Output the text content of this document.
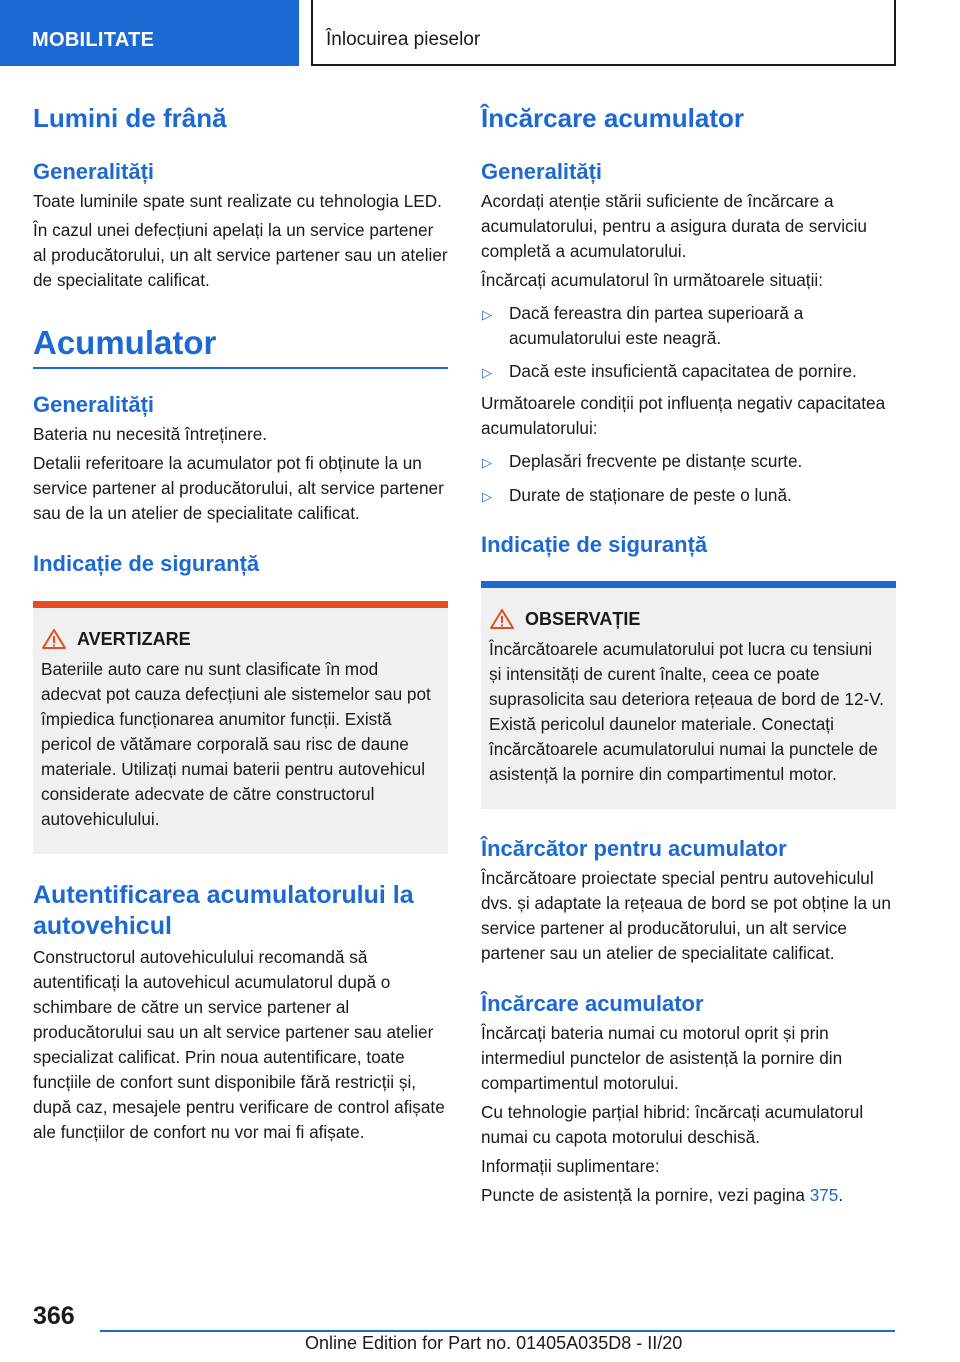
MOBILITATE	Înlocuirea pieselor
Lumini de frână
Generalități
Toate luminile spate sunt realizate cu tehnologia LED.
În cazul unei defecțiuni apelați la un service partener al producătorului, un alt service partener sau un atelier de specialitate calificat.
Acumulator
Generalități
Bateria nu necesită întreținere.
Detalii referitoare la acumulator pot fi obținute la un service partener al producătorului, alt service partener sau de la un atelier de specialitate calificat.
Indicație de siguranță
AVERTIZARE
Bateriile auto care nu sunt clasificate în mod adecvat pot cauza defecțiuni ale sistemelor sau pot împiedica funcționarea anumitor funcții. Există pericol de vătămare corporală sau risc de daune materiale. Utilizați numai baterii pentru autovehicul considerate adecvate de către constructorul autovehiculului.
Autentificarea acumulatorului la autovehicul
Constructorul autovehiculului recomandă să autentificați la autovehicul acumulatorul după o schimbare de către un service partener al producătorului sau un alt service partener sau atelier specializat calificat. Prin noua autentificare, toate funcțiile de confort sunt disponibile fără restricții și, după caz, mesajele pentru verificare de control afișate ale funcțiilor de confort nu vor mai fi afișate.
Încărcare acumulator
Generalități
Acordați atenție stării suficiente de încărcare a acumulatorului, pentru a asigura durata de serviciu completă a acumulatorului.
Încărcați acumulatorul în următoarele situații:
▷ Dacă fereastra din partea superioară a acumulatorului este neagră.
▷ Dacă este insuficientă capacitatea de pornire.
Următoarele condiții pot influența negativ capacitatea acumulatorului:
▷ Deplasări frecvente pe distanțe scurte.
▷ Durate de staționare de peste o lună.
Indicație de siguranță
OBSERVAȚIE
Încărcătoarele acumulatorului pot lucra cu tensiuni și intensități de curent înalte, ceea ce poate suprasolicita sau deteriora rețeaua de bord de 12-V. Există pericolul daunelor materiale. Conectați încărcătoarele acumulatorului numai la punctele de asistență la pornire din compartimentul motor.
Încărcător pentru acumulator
Încărcătoare proiectate special pentru autovehiculul dvs. și adaptate la rețeaua de bord se pot obține la un service partener al producătorului, un alt service partener sau un atelier de specialitate calificat.
Încărcare acumulator
Încărcați bateria numai cu motorul oprit și prin intermediul punctelor de asistență la pornire din compartimentul motorului.
Cu tehnologie parțial hibrid: încărcați acumulatorul numai cu capota motorului deschisă.
Informații suplimentare:
Puncte de asistență la pornire, vezi pagina 375.
366
Online Edition for Part no. 01405A035D8 - II/20
